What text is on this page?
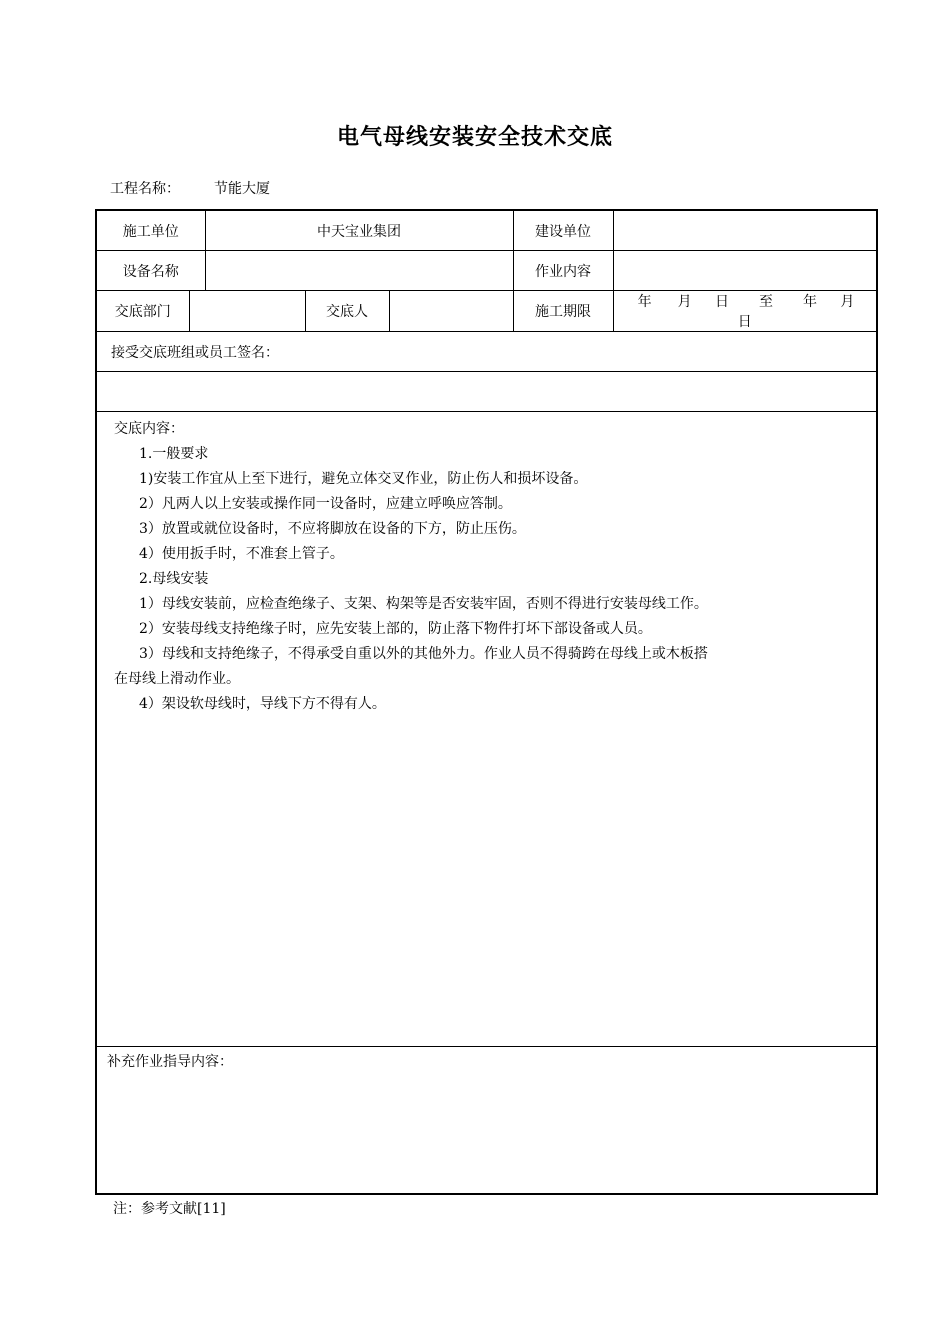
电气母线安装安全技术交底
工程名称： 节能大厦
施工单位		中天宝业集团			建设单位	
设备名称					作业内容	
交底部门			交底人		施工期限	年 月 日 至 年 月 日
接受交底班组或员工签名：						

交底内容：
1.一般要求
1)安装工作宜从上至下进行，避免立体交叉作业，防止伤人和损坏设备。
2）凡两人以上安装或操作同一设备时，应建立呼唤应答制。
3）放置或就位设备时，不应将脚放在设备的下方，防止压伤。
4）使用扳手时，不准套上管子。
2.母线安装
1）母线安装前，应检查绝缘子、支架、构架等是否安装牢固，否则不得进行安装母线工作。
2）安装母线支持绝缘子时，应先安装上部的，防止落下物件打坏下部设备或人员。
3）母线和支持绝缘子，不得承受自重以外的其他外力。作业人员不得骑跨在母线上或木板搭
在母线上滑动作业。
4）架设软母线时，导线下方不得有人。
补充作业指导内容：
注：参考文献[11]
